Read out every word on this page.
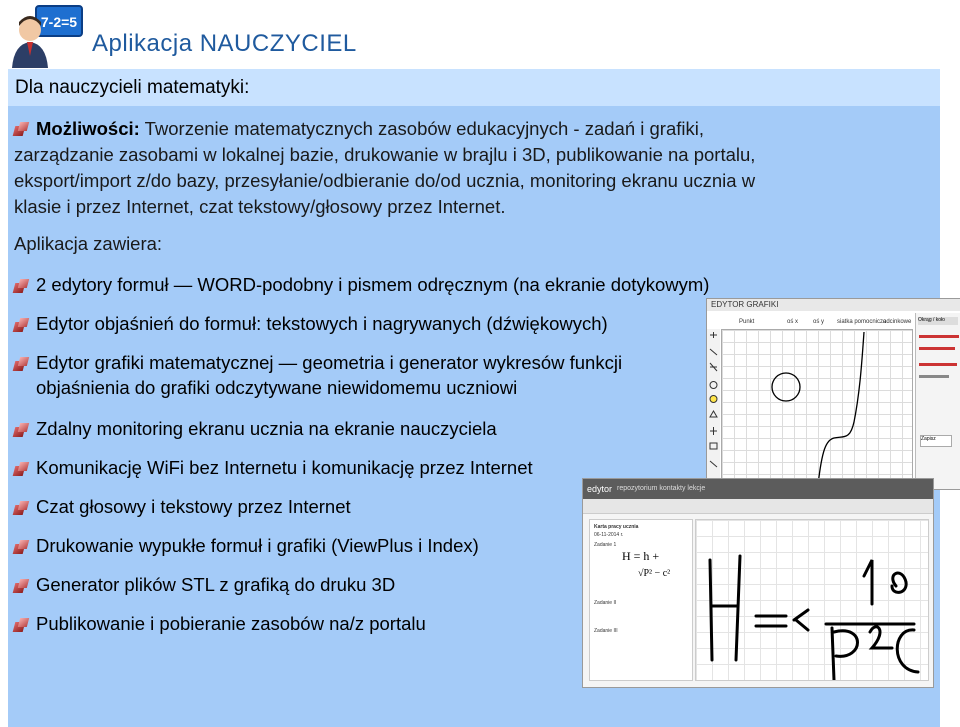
7-2=5
Aplikacja NAUCZYCIEL
Dla nauczycieli matematyki:
Możliwości: Tworzenie matematycznych zasobów edukacyjnych - zadań i grafiki,
zarządzanie zasobami w lokalnej bazie, drukowanie w brajlu i 3D, publikowanie na portalu,
eksport/import z/do bazy, przesyłanie/odbieranie do/od ucznia, monitoring ekranu ucznia w
klasie i przez Internet, czat tekstowy/głosowy przez Internet.
Aplikacja zawiera:
2 edytory formuł — WORD-podobny i pismem odręcznym (na ekranie dotykowym)
Edytor objaśnień do formuł: tekstowych i nagrywanych (dźwiękowych)
Edytor grafiki matematycznej — geometria i generator wykresów funkcji
objaśnienia do grafiki odczytywane niewidomemu uczniowi
Zdalny monitoring ekranu ucznia na ekranie nauczyciela
Komunikację WiFi bez Internetu i komunikację przez Internet
Czat głosowy i tekstowy przez Internet
Drukowanie wypukłe formuł i grafiki (ViewPlus i Index)
Generator plików STL z grafiką do druku 3D
Publikowanie i pobieranie zasobów na/z portalu
EDYTOR GRAFIKI
Punkt	oś x oś y siatka pomocnicza
odcinkowe Okrąg / koło
Zapisz
edytor repozytorium kontakty lekcje
Karta pracy ucznia
06-11-2014 r.
Zadanie 1
H = h +
√P² − c²
Zadanie II
Zadanie III
